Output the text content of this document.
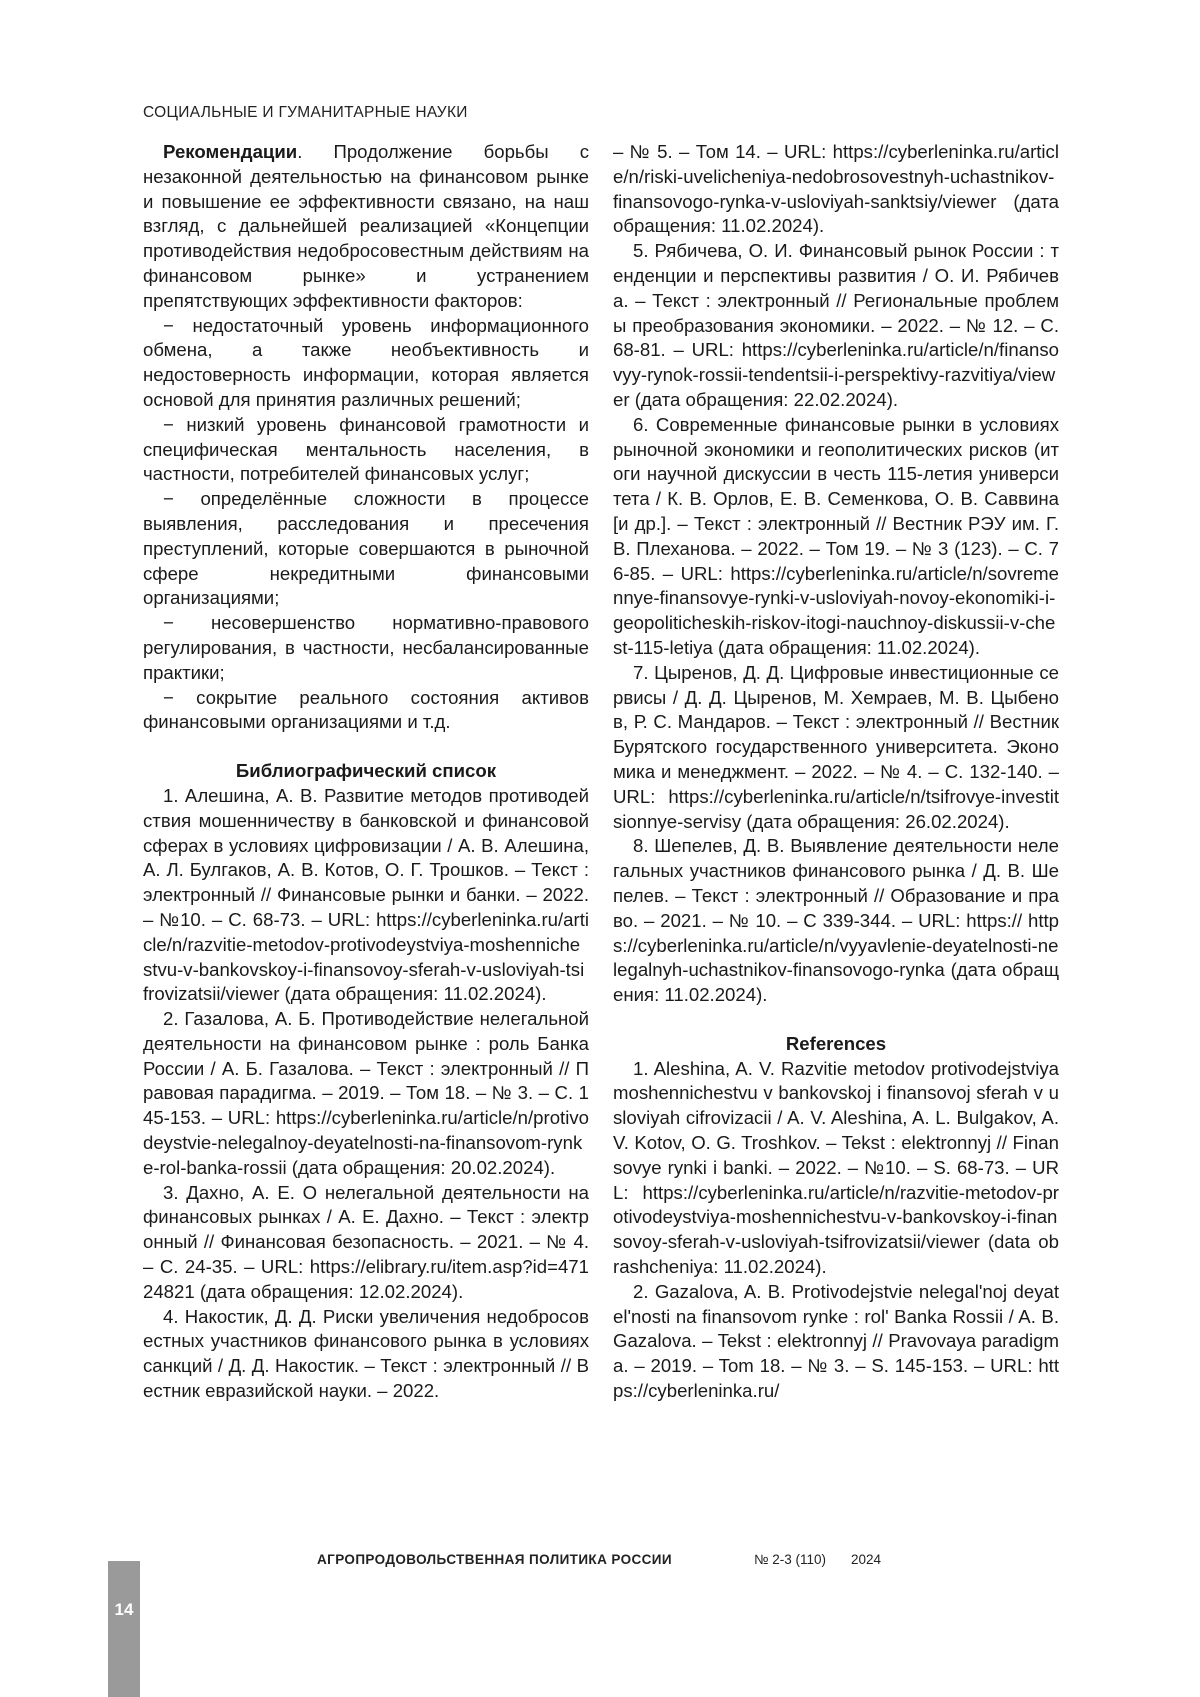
СОЦИАЛЬНЫЕ И ГУМАНИТАРНЫЕ НАУКИ

Рекомендации. Продолжение борьбы с незаконной деятельностью на финансовом рынке и повышение ее эффективности связано, на наш взгляд, с дальнейшей реализацией «Концепции противодействия недобросовестным действиям на финансовом рынке» и устранением препятствующих эффективности факторов:

− недостаточный уровень информационного обмена, а также необъективность и недостоверность информации, которая является основой для принятия различных решений;

− низкий уровень финансовой грамотности и специфическая ментальность населения, в частности, потребителей финансовых услуг;

− определённые сложности в процессе выявления, расследования и пресечения преступлений, которые совершаются в рыночной сфере некредитными финансовыми организациями;

− несовершенство нормативно-правового регулирования, в частности, несбалансированные практики;

− сокрытие реального состояния активов финансовыми организациями и т.д.

Библиографический список

1. Алешина, А. В. Развитие методов противодействия мошенничеству в банковской и финансовой сферах в условиях цифровизации / А. В. Алешина, А. Л. Булгаков, А. В. Котов, О. Г. Трошков. – Текст : электронный // Финансовые рынки и банки. – 2022. – №10. – С. 68-73. – URL: https://cyberleninka.ru/article/n/razvitie-metodov-protivodeystviya-moshennichestvu-v-bankovskoy-i-finansovoy-sferah-v-usloviyah-tsifrovizatsii/viewer (дата обращения: 11.02.2024).

2. Газалова, А. Б. Противодействие нелегальной деятельности на финансовом рынке : роль Банка России / А. Б. Газалова. – Текст : электронный // Правовая парадигма. – 2019. – Том 18. – № 3. – С. 145-153. – URL: https://cyberleninka.ru/article/n/protivodeystvie-nelegalnoy-deyatelnosti-na-finansovom-rynke-rol-banka-rossii (дата обращения: 20.02.2024).

3. Дахно, А. Е. О нелегальной деятельности на финансовых рынках / А. Е. Дахно. – Текст : электронный // Финансовая безопасность. – 2021. – № 4. – С. 24-35. – URL: https://elibrary.ru/item.asp?id=47124821 (дата обращения: 12.02.2024).

4. Накостик, Д. Д. Риски увеличения недобросовестных участников финансового рынка в условиях санкций / Д. Д. Накостик. – Текст : электронный // Вестник евразийской науки. – 2022.

– № 5. – Том 14. – URL: https://cyberleninka.ru/article/n/riski-uvelicheniya-nedobrosovestnyh-uchastnikov-finansovogo-rynka-v-usloviyah-sanktsiy/viewer (дата обращения: 11.02.2024).

5. Рябичева, О. И. Финансовый рынок России : тенденции и перспективы развития / О. И. Рябичева. – Текст : электронный // Региональные проблемы преобразования экономики. – 2022. – № 12. – С. 68-81. – URL: https://cyberleninka.ru/article/n/finansovyy-rynok-rossii-tendentsii-i-perspektivy-razvitiya/viewer (дата обращения: 22.02.2024).

6. Современные финансовые рынки в условиях рыночной экономики и геополитических рисков (итоги научной дискуссии в честь 115-летия университета / К. В. Орлов, Е. В. Семенкова, О. В. Саввина [и др.]. – Текст : электронный // Вестник РЭУ им. Г. В. Плеханова. – 2022. – Том 19. – № 3 (123). – С. 76-85. – URL: https://cyberleninka.ru/article/n/sovremennye-finansovye-rynki-v-usloviyah-novoy-ekonomiki-i-geopoliticheskih-riskov-itogi-nauchnoy-diskussii-v-chest-115-letiya (дата обращения: 11.02.2024).

7. Цыренов, Д. Д. Цифровые инвестиционные сервисы / Д. Д. Цыренов, М. Хемраев, М. В. Цыбенов, Р. С. Мандаров. – Текст : электронный // Вестник Бурятского государственного университета. Экономика и менеджмент. – 2022. – № 4. – С. 132-140. – URL: https://cyberleninka.ru/article/n/tsifrovye-investitsionnye-servisy (дата обращения: 26.02.2024).

8. Шепелев, Д. В. Выявление деятельности нелегальных участников финансового рынка / Д. В. Шепелев. – Текст : электронный // Образование и право. – 2021. – № 10. – С 339-344. – URL: https:// https://cyberleninka.ru/article/n/vyyavlenie-deyatelnosti-nelegalnyh-uchastnikov-finansovogo-rynka (дата обращения: 11.02.2024).

References

1. Aleshina, A. V. Razvitie metodov protivodejstviya moshennichestvu v bankovskoj i finansovoj sferah v usloviyah cifrovizacii / A. V. Aleshina, A. L. Bulgakov, A. V. Kotov, O. G. Troshkov. – Tekst : elektronnyj // Finansovye rynki i banki. – 2022. – №10. – S. 68-73. – URL: https://cyberleninka.ru/article/n/razvitie-metodov-protivodeystviya-moshennichestvu-v-bankovskoy-i-finansovoy-sferah-v-usloviyah-tsifrovizatsii/viewer (data obrashcheniya: 11.02.2024).

2. Gazalova, A. B. Protivodejstvie nelegal'noj deyatel'nosti na finansovom rynke : rol' Banka Rossii / A. B. Gazalova. – Tekst : elektronnyj // Pravovaya paradigma. – 2019. – Tom 18. – № 3. – S. 145-153. – URL: https://cyberleninka.ru/

14
АГРОПРОДОВОЛЬСТВЕННАЯ ПОЛИТИКА РОССИИ	№ 2-3 (110) 2024
